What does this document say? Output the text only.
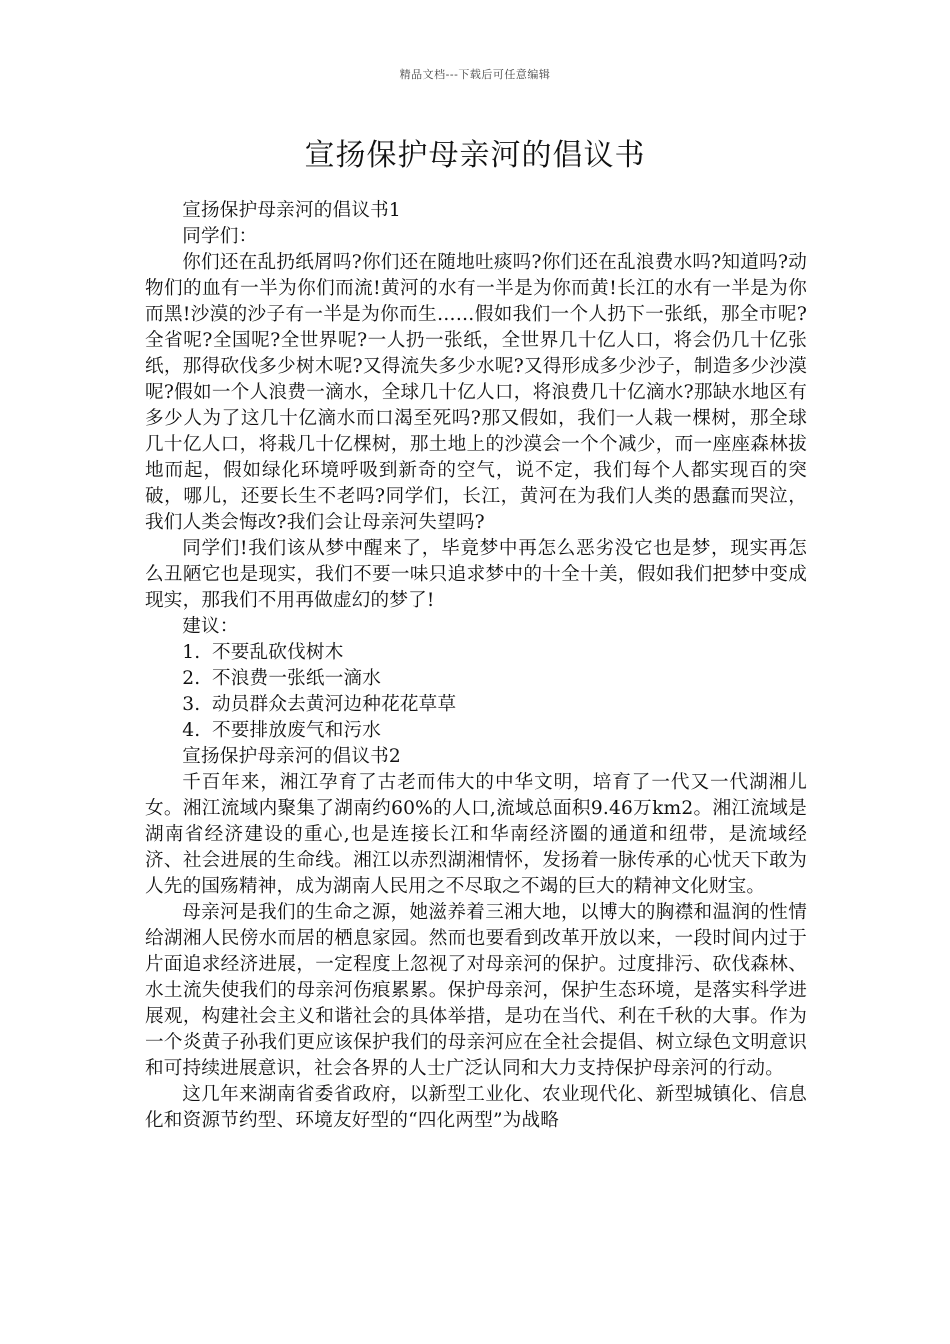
精品文档---下载后可任意编辑
宣扬保护母亲河的倡议书

宣扬保护母亲河的倡议书1

同学们：

你们还在乱扔纸屑吗?你们还在随地吐痰吗?你们还在乱浪费水吗?知道吗?动物们的血有一半为你们而流!黄河的水有一半是为你而黄!长江的水有一半是为你而黑!沙漠的沙子有一半是为你而生……假如我们一个人扔下一张纸，那全市呢?全省呢?全国呢?全世界呢?一人扔一张纸，全世界几十亿人口，将会仍几十亿张纸，那得砍伐多少树木呢?又得流失多少水呢?又得形成多少沙子，制造多少沙漠呢?假如一个人浪费一滴水，全球几十亿人口，将浪费几十亿滴水?那缺水地区有多少人为了这几十亿滴水而口渴至死吗?那又假如，我们一人栽一棵树，那全球几十亿人口，将栽几十亿棵树，那土地上的沙漠会一个个减少，而一座座森林拔地而起，假如绿化环境呼吸到新奇的空气，说不定，我们每个人都实现百的突破，哪儿，还要长生不老吗?同学们，长江，黄河在为我们人类的愚蠢而哭泣，我们人类会悔改?我们会让母亲河失望吗?

同学们!我们该从梦中醒来了，毕竟梦中再怎么恶劣没它也是梦，现实再怎么丑陋它也是现实，我们不要一味只追求梦中的十全十美，假如我们把梦中变成现实，那我们不用再做虚幻的梦了!

建议：

1. 不要乱砍伐树木
2. 不浪费一张纸一滴水
3. 动员群众去黄河边种花花草草
4. 不要排放废气和污水

宣扬保护母亲河的倡议书2

千百年来，湘江孕育了古老而伟大的中华文明，培育了一代又一代湖湘儿女。湘江流域内聚集了湖南约60%的人口,流域总面积9.46万km2。湘江流域是湖南省经济建设的重心,也是连接长江和华南经济圈的通道和纽带，是流域经济、社会进展的生命线。湘江以赤烈湖湘情怀，发扬着一脉传承的心忧天下敢为人先的国殇精神，成为湖南人民用之不尽取之不竭的巨大的精神文化财宝。

母亲河是我们的生命之源，她滋养着三湘大地，以博大的胸襟和温润的性情给湖湘人民傍水而居的栖息家园。然而也要看到改革开放以来，一段时间内过于片面追求经济进展，一定程度上忽视了对母亲河的保护。过度排污、砍伐森林、水土流失使我们的母亲河伤痕累累。保护母亲河，保护生态环境，是落实科学进展观，构建社会主义和谐社会的具体举措，是功在当代、利在千秋的大事。作为一个炎黄子孙我们更应该保护我们的母亲河应在全社会提倡、树立绿色文明意识和可持续进展意识，社会各界的人士广泛认同和大力支持保护母亲河的行动。

这几年来湖南省委省政府，以新型工业化、农业现代化、新型城镇化、信息化和资源节约型、环境友好型的“四化两型”为战略
